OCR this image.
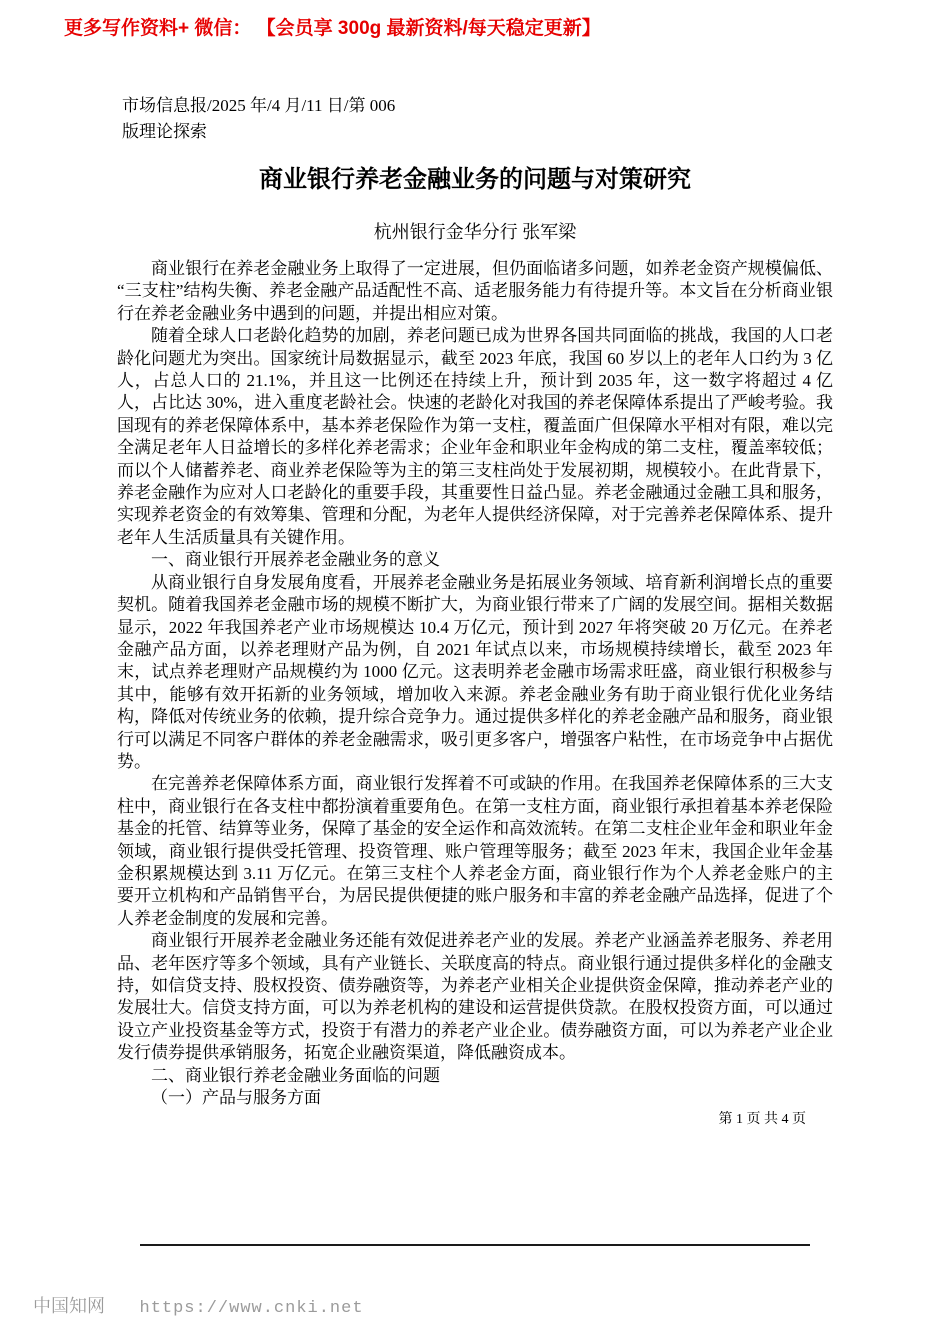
更多写作资料+ 微信： 【会员享 300g 最新资料/每天稳定更新】
市场信息报/2025 年/4 月/11 日/第 006
版理论探索
商业银行养老金融业务的问题与对策研究
杭州银行金华分行 张军梁

商业银行在养老金融业务上取得了一定进展，但仍面临诸多问题，如养老金资产规模偏低、“三支柱”结构失衡、养老金融产品适配性不高、适老服务能力有待提升等。本文旨在分析商业银行在养老金融业务中遇到的问题，并提出相应对策。

随着全球人口老龄化趋势的加剧，养老问题已成为世界各国共同面临的挑战，我国的人口老龄化问题尤为突出。国家统计局数据显示，截至 2023 年底，我国 60 岁以上的老年人口约为 3 亿人，占总人口的 21.1%，并且这一比例还在持续上升，预计到 2035 年，这一数字将超过 4 亿人，占比达 30%，进入重度老龄社会。快速的老龄化对我国的养老保障体系提出了严峻考验。我国现有的养老保障体系中，基本养老保险作为第一支柱，覆盖面广但保障水平相对有限，难以完全满足老年人日益增长的多样化养老需求；企业年金和职业年金构成的第二支柱，覆盖率较低；而以个人储蓄养老、商业养老保险等为主的第三支柱尚处于发展初期，规模较小。在此背景下，养老金融作为应对人口老龄化的重要手段，其重要性日益凸显。养老金融通过金融工具和服务，实现养老资金的有效筹集、管理和分配，为老年人提供经济保障，对于完善养老保障体系、提升老年人生活质量具有关键作用。

一、商业银行开展养老金融业务的意义

从商业银行自身发展角度看，开展养老金融业务是拓展业务领域、培育新利润增长点的重要契机。随着我国养老金融市场的规模不断扩大，为商业银行带来了广阔的发展空间。据相关数据显示，2022 年我国养老产业市场规模达 10.4 万亿元，预计到 2027 年将突破 20 万亿元。在养老金融产品方面，以养老理财产品为例，自 2021 年试点以来，市场规模持续增长，截至 2023 年末，试点养老理财产品规模约为 1000 亿元。这表明养老金融市场需求旺盛，商业银行积极参与其中，能够有效开拓新的业务领域，增加收入来源。养老金融业务有助于商业银行优化业务结构，降低对传统业务的依赖，提升综合竞争力。通过提供多样化的养老金融产品和服务，商业银行可以满足不同客户群体的养老金融需求，吸引更多客户，增强客户粘性，在市场竞争中占据优势。

在完善养老保障体系方面，商业银行发挥着不可或缺的作用。在我国养老保障体系的三大支柱中，商业银行在各支柱中都扮演着重要角色。在第一支柱方面，商业银行承担着基本养老保险基金的托管、结算等业务，保障了基金的安全运作和高效流转。在第二支柱企业年金和职业年金领域，商业银行提供受托管理、投资管理、账户管理等服务；截至 2023 年末，我国企业年金基金积累规模达到 3.11 万亿元。在第三支柱个人养老金方面，商业银行作为个人养老金账户的主要开立机构和产品销售平台，为居民提供便捷的账户服务和丰富的养老金融产品选择，促进了个人养老金制度的发展和完善。

商业银行开展养老金融业务还能有效促进养老产业的发展。养老产业涵盖养老服务、养老用品、老年医疗等多个领域，具有产业链长、关联度高的特点。商业银行通过提供多样化的金融支持，如信贷支持、股权投资、债券融资等，为养老产业相关企业提供资金保障，推动养老产业的发展壮大。信贷支持方面，可以为养老机构的建设和运营提供贷款。在股权投资方面，可以通过设立产业投资基金等方式，投资于有潜力的养老产业企业。债券融资方面，可以为养老产业企业发行债券提供承销服务，拓宽企业融资渠道，降低融资成本。

二、商业银行养老金融业务面临的问题

（一）产品与服务方面

第 1 页 共 4 页
中国知网 https://www.cnki.net
